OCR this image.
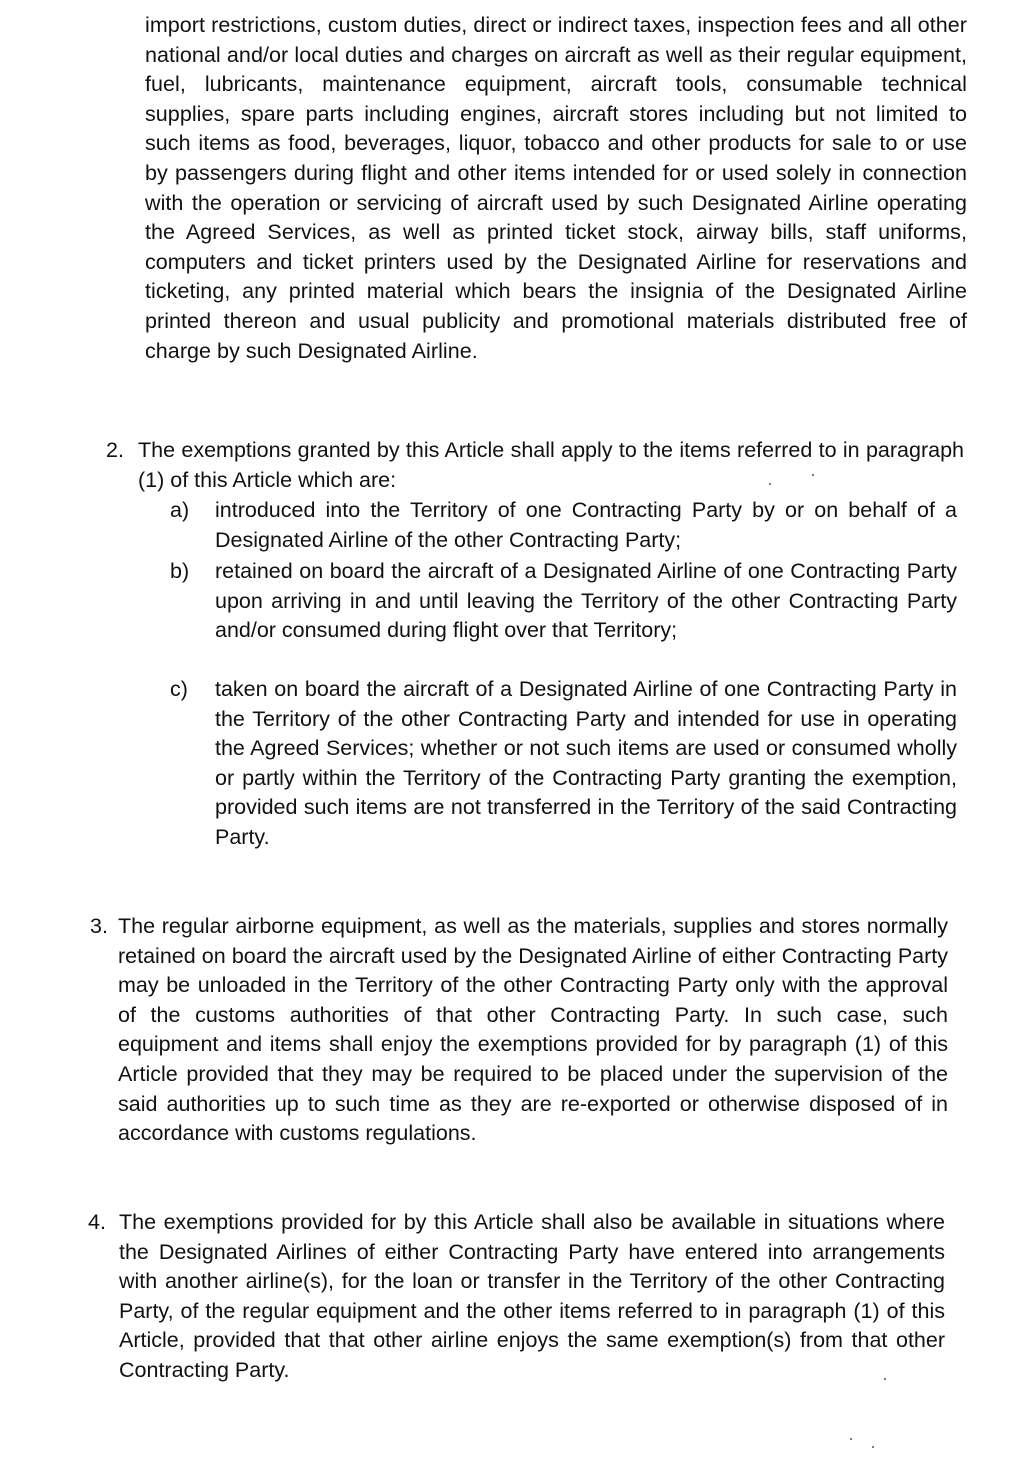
import restrictions, custom duties, direct or indirect taxes, inspection fees and all other national and/or local duties and charges on aircraft as well as their regular equipment, fuel, lubricants, maintenance equipment, aircraft tools, consumable technical supplies, spare parts including engines, aircraft stores including but not limited to such items as food, beverages, liquor, tobacco and other products for sale to or use by passengers during flight and other items intended for or used solely in connection with the operation or servicing of aircraft used by such Designated Airline operating the Agreed Services, as well as printed ticket stock, airway bills, staff uniforms, computers and ticket printers used by the Designated Airline for reservations and ticketing, any printed material which bears the insignia of the Designated Airline printed thereon and usual publicity and promotional materials distributed free of charge by such Designated Airline.
2. The exemptions granted by this Article shall apply to the items referred to in paragraph (1) of this Article which are:
a) introduced into the Territory of one Contracting Party by or on behalf of a Designated Airline of the other Contracting Party;
b) retained on board the aircraft of a Designated Airline of one Contracting Party upon arriving in and until leaving the Territory of the other Contracting Party and/or consumed during flight over that Territory;
c) taken on board the aircraft of a Designated Airline of one Contracting Party in the Territory of the other Contracting Party and intended for use in operating the Agreed Services; whether or not such items are used or consumed wholly or partly within the Territory of the Contracting Party granting the exemption, provided such items are not transferred in the Territory of the said Contracting Party.
3. The regular airborne equipment, as well as the materials, supplies and stores normally retained on board the aircraft used by the Designated Airline of either Contracting Party may be unloaded in the Territory of the other Contracting Party only with the approval of the customs authorities of that other Contracting Party. In such case, such equipment and items shall enjoy the exemptions provided for by paragraph (1) of this Article provided that they may be required to be placed under the supervision of the said authorities up to such time as they are re-exported or otherwise disposed of in accordance with customs regulations.
4. The exemptions provided for by this Article shall also be available in situations where the Designated Airlines of either Contracting Party have entered into arrangements with another airline(s), for the loan or transfer in the Territory of the other Contracting Party, of the regular equipment and the other items referred to in paragraph (1) of this Article, provided that that other airline enjoys the same exemption(s) from that other Contracting Party.
